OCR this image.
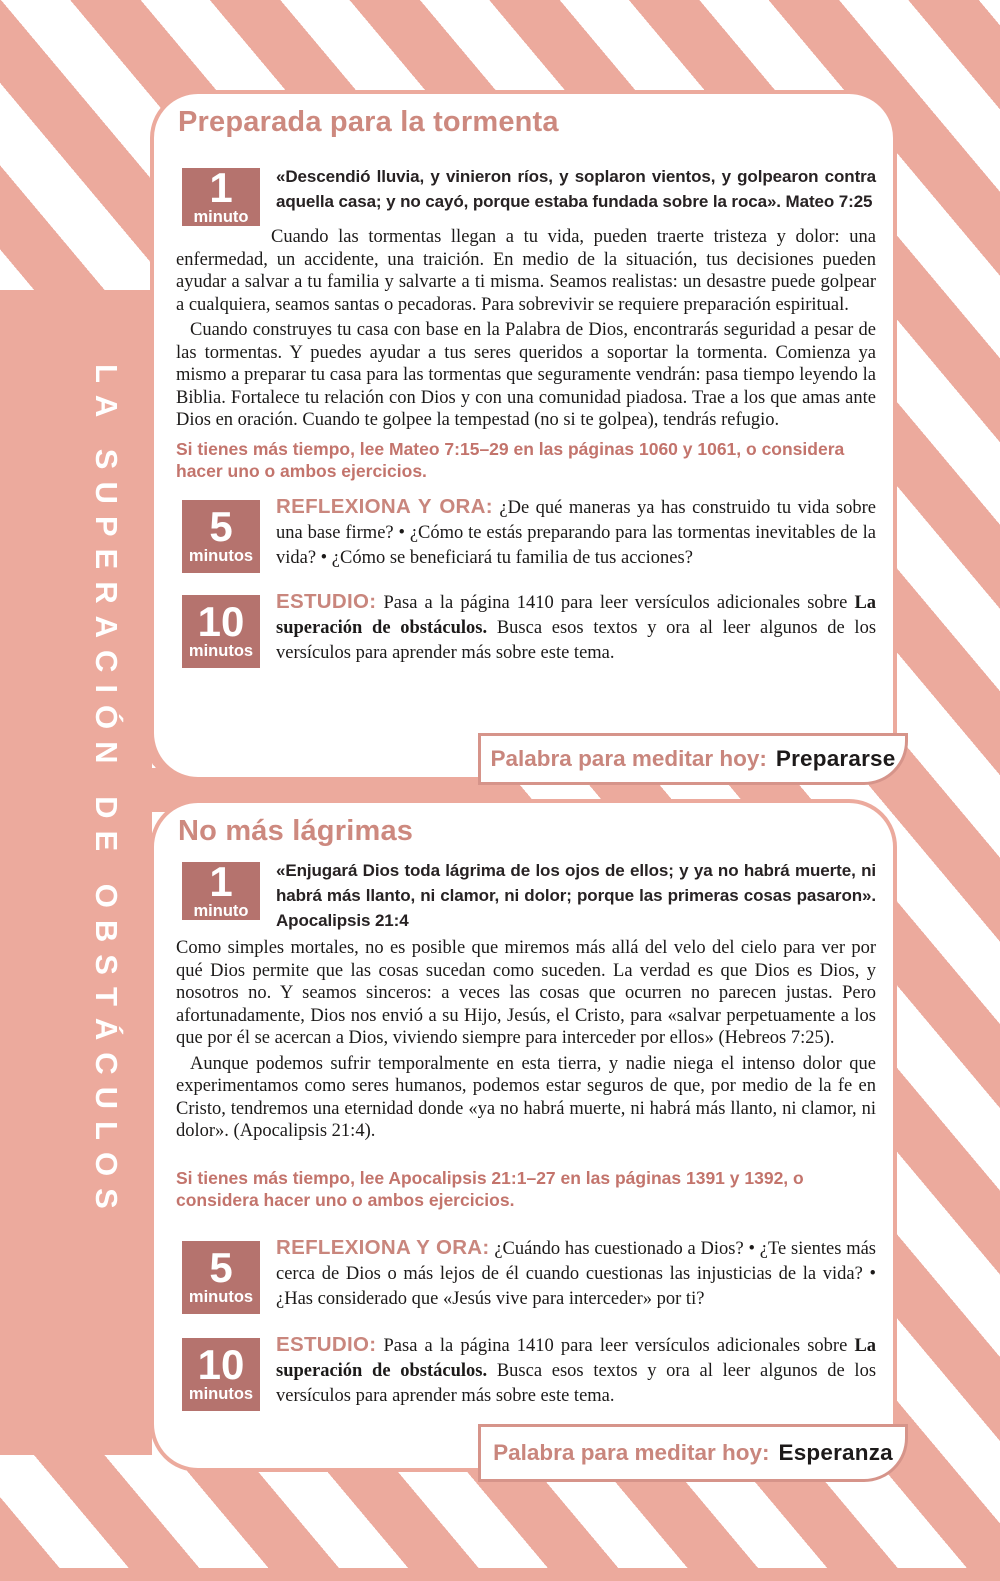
LA SUPERACIÓN DE OBSTÁCULOS
Preparada para la tormenta
1
minuto

«Descendió lluvia, y vinieron ríos, y soplaron vientos, y golpearon contra aquella casa; y no cayó, porque estaba fundada sobre la roca». Mateo 7:25

Cuando las tormentas llegan a tu vida, pueden traerte tristeza y dolor: una enfermedad, un accidente, una traición. En medio de la situación, tus decisiones pueden ayudar a salvar a tu familia y salvarte a ti misma. Seamos realistas: un desastre puede golpear a cualquiera, seamos santas o pecadoras. Para sobrevivir se requiere preparación espiritual.

Cuando construyes tu casa con base en la Palabra de Dios, encontrarás seguridad a pesar de las tormentas. Y puedes ayudar a tus seres queridos a soportar la tormenta. Comienza ya mismo a preparar tu casa para las tormentas que seguramente vendrán: pasa tiempo leyendo la Biblia. Fortalece tu relación con Dios y con una comunidad piadosa. Trae a los que amas ante Dios en oración. Cuando te golpee la tempestad (no si te golpea), tendrás refugio.

Si tienes más tiempo, lee Mateo 7:15–29 en las páginas 1060 y 1061, o considera hacer uno o ambos ejercicios.

5
minutos

REFLEXIONA Y ORA: ¿De qué maneras ya has construido tu vida sobre una base firme? • ¿Cómo te estás preparando para las tormentas inevitables de la vida? • ¿Cómo se beneficiará tu familia de tus acciones?

10
minutos

ESTUDIO: Pasa a la página 1410 para leer versículos adicionales sobre La superación de obstáculos. Busca esos textos y ora al leer algunos de los versículos para aprender más sobre este tema.

No más lágrimas
1
minuto

«Enjugará Dios toda lágrima de los ojos de ellos; y ya no habrá muerte, ni habrá más llanto, ni clamor, ni dolor; porque las primeras cosas pasaron». Apocalipsis 21:4

Como simples mortales, no es posible que miremos más allá del velo del cielo para ver por qué Dios permite que las cosas sucedan como suceden. La verdad es que Dios es Dios, y nosotros no. Y seamos sinceros: a veces las cosas que ocurren no parecen justas. Pero afortunadamente, Dios nos envió a su Hijo, Jesús, el Cristo, para «salvar perpetuamente a los que por él se acercan a Dios, viviendo siempre para interceder por ellos» (Hebreos 7:25).

Aunque podemos sufrir temporalmente en esta tierra, y nadie niega el intenso dolor que experimentamos como seres humanos, podemos estar seguros de que, por medio de la fe en Cristo, tendremos una eternidad donde «ya no habrá muerte, ni habrá más llanto, ni clamor, ni dolor». (Apocalipsis 21:4).

Si tienes más tiempo, lee Apocalipsis 21:1–27 en las páginas 1391 y 1392, o considera hacer uno o ambos ejercicios.

5
minutos

REFLEXIONA Y ORA: ¿Cuándo has cuestionado a Dios? • ¿Te sientes más cerca de Dios o más lejos de él cuando cuestionas las injusticias de la vida? • ¿Has considerado que «Jesús vive para interceder» por ti?

10
minutos

ESTUDIO: Pasa a la página 1410 para leer versículos adicionales sobre La superación de obstáculos. Busca esos textos y ora al leer algunos de los versículos para aprender más sobre este tema.

Palabra para meditar hoy: Prepararse
Palabra para meditar hoy: Esperanza
